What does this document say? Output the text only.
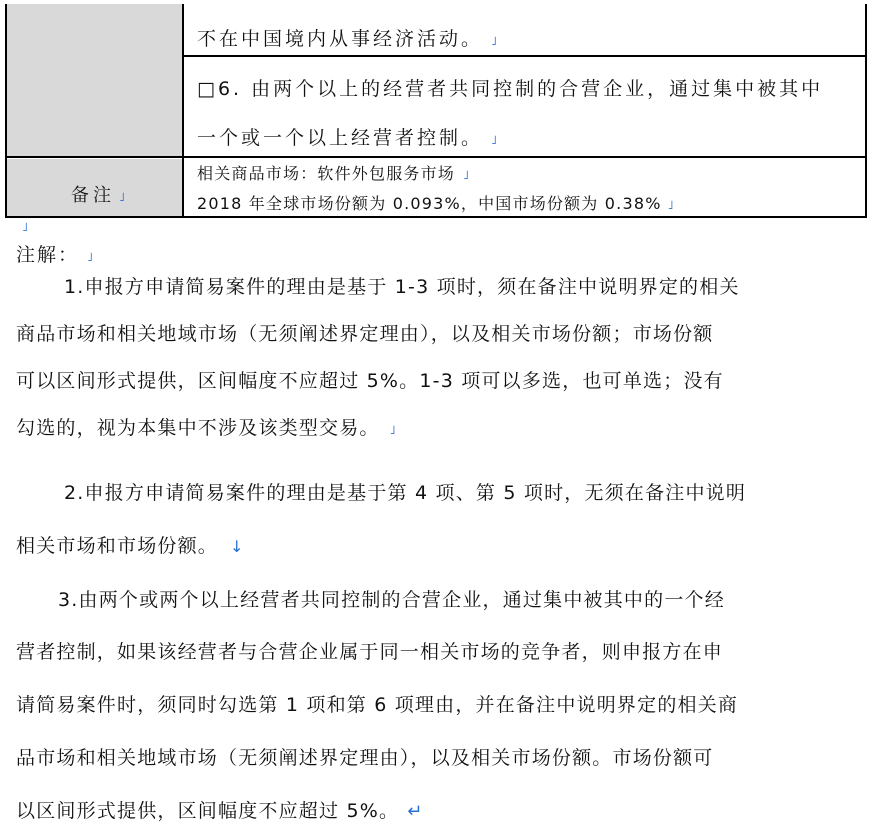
不在中国境内从事经济活动。 ˩
□6. 由两个以上的经营者共同控制的合营企业，通过集中被其中
一个或一个以上经营者控制。 ˩
备注 ˩
相关商品市场：软件外包服务市场 ˩
2018 年全球市场份额为 0.093%，中国市场份额为 0.38% ˩
˩
注解： ˩
1.申报方申请简易案件的理由是基于 1-3 项时，须在备注中说明界定的相关
商品市场和相关地域市场（无须阐述界定理由），以及相关市场份额；市场份额
可以区间形式提供，区间幅度不应超过 5%。1-3 项可以多选，也可单选；没有
勾选的，视为本集中不涉及该类型交易。 ˩
2.申报方申请简易案件的理由是基于第 4 项、第 5 项时，无须在备注中说明
相关市场和市场份额。 ↓
3.由两个或两个以上经营者共同控制的合营企业，通过集中被其中的一个经
营者控制，如果该经营者与合营企业属于同一相关市场的竞争者，则申报方在申
请简易案件时，须同时勾选第 1 项和第 6 项理由，并在备注中说明界定的相关商
品市场和相关地域市场（无须阐述界定理由），以及相关市场份额。市场份额可
以区间形式提供，区间幅度不应超过 5%。 ↵
